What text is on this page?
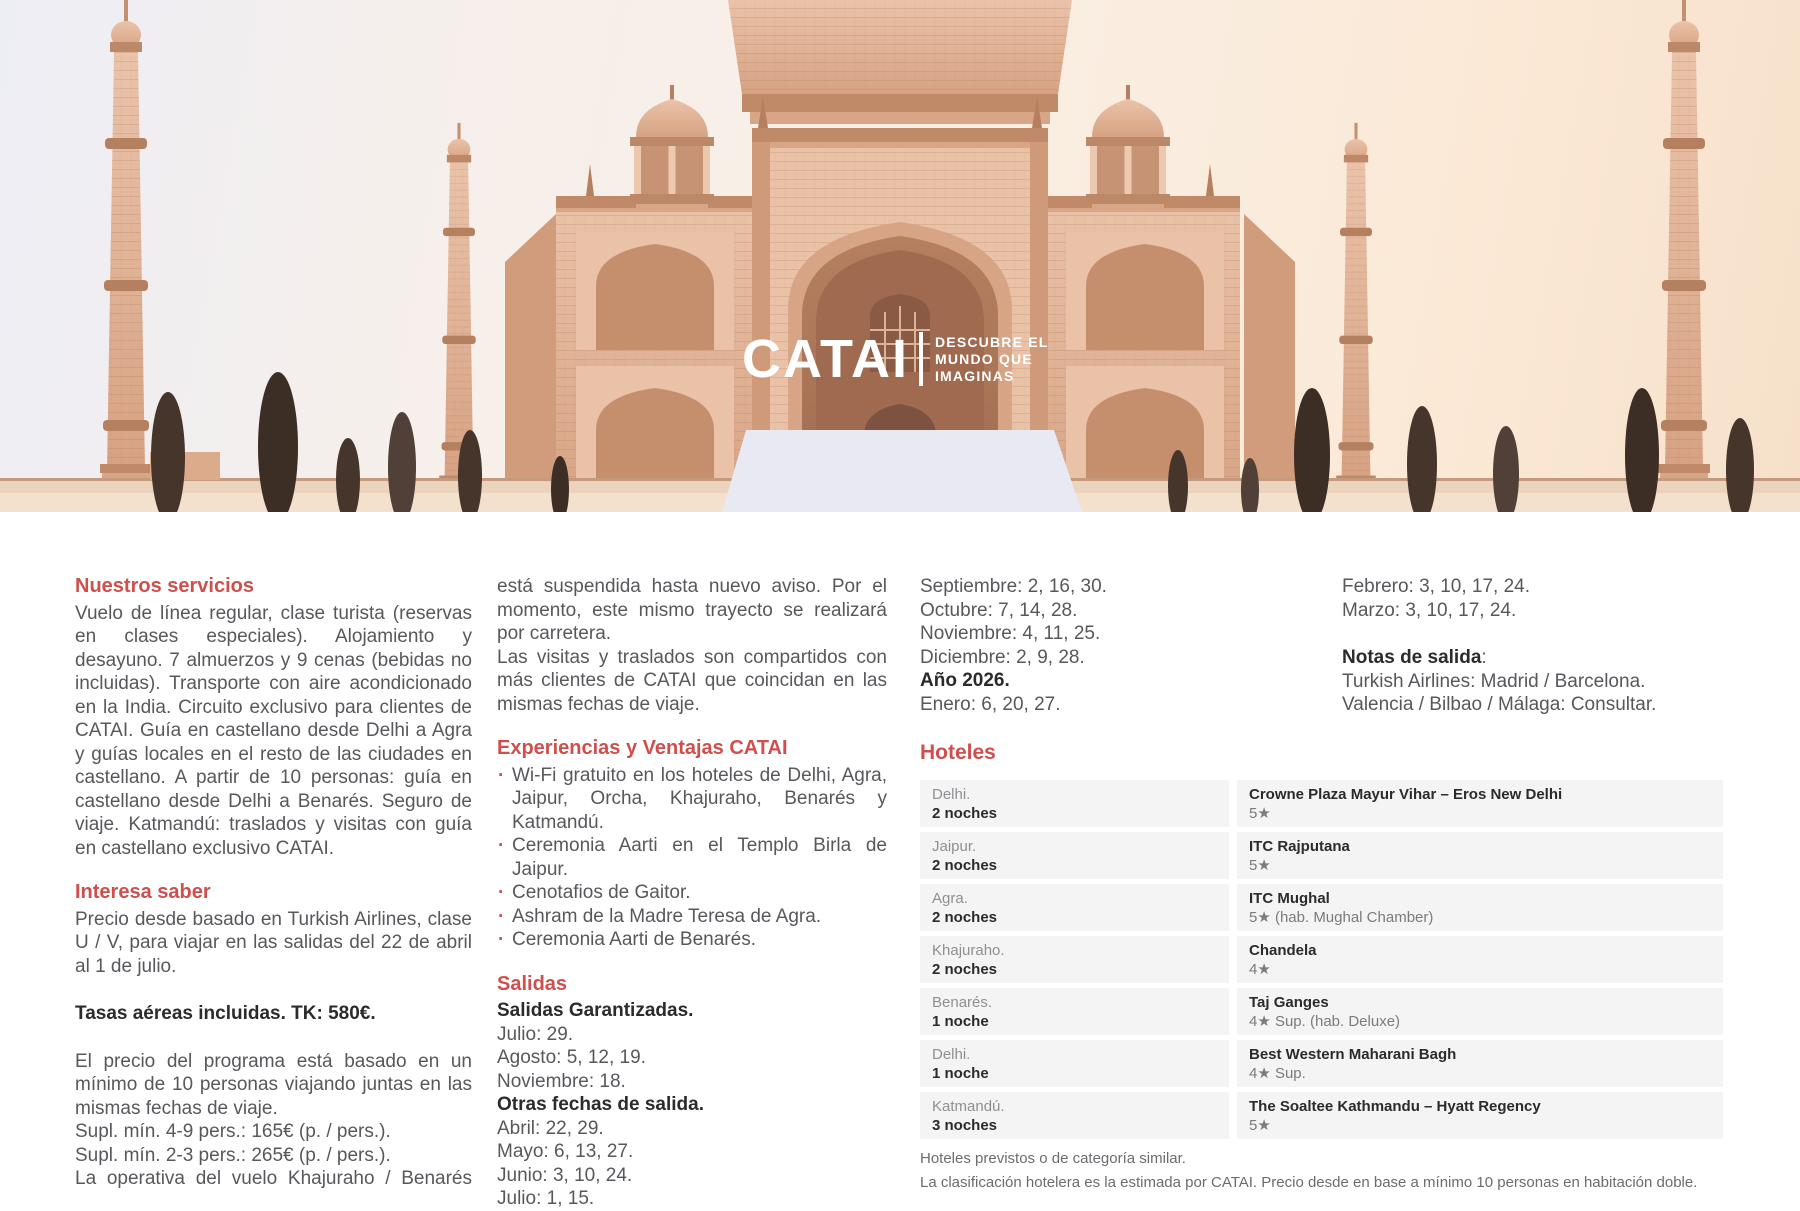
CATAI DESCUBRE EL
MUNDO QUE
IMAGINAS
Nuestros servicios
Vuelo de línea regular, clase turista (reservas en clases especiales). Alojamiento y desayuno. 7 almuerzos y 9 cenas (bebidas no incluidas). Transporte con aire acondicionado en la India. Circuito exclusivo para clientes de CATAI. Guía en castellano desde Delhi a Agra y guías locales en el resto de las ciudades en castellano. A partir de 10 personas: guía en castellano desde Delhi a Benarés. Seguro de viaje. Katmandú: traslados y visitas con guía en castellano exclusivo CATAI.
Interesa saber
Precio desde basado en Turkish Airlines, clase U / V, para viajar en las salidas del 22 de abril al 1 de julio.
Tasas aéreas incluidas. TK: 580€.
El precio del programa está basado en un mínimo de 10 personas viajando juntas en las mismas fechas de viaje.
Supl. mín. 4-9 pers.: 165€ (p. / pers.).
Supl. mín. 2-3 pers.: 265€ (p. / pers.).
La operativa del vuelo Khajuraho / Benarés
está suspendida hasta nuevo aviso. Por el momento, este mismo trayecto se realizará por carretera.
Las visitas y traslados son compartidos con más clientes de CATAI que coincidan en las mismas fechas de viaje.
Experiencias y Ventajas CATAI
· Wi-Fi gratuito en los hoteles de Delhi, Agra, Jaipur, Orcha, Khajuraho, Benarés y Katmandú.
· Ceremonia Aarti en el Templo Birla de Jaipur.
· Cenotafios de Gaitor.
· Ashram de la Madre Teresa de Agra.
· Ceremonia Aarti de Benarés.
Salidas
Salidas Garantizadas.
Julio: 29.
Agosto: 5, 12, 19.
Noviembre: 18.
Otras fechas de salida.
Abril: 22, 29.
Mayo: 6, 13, 27.
Junio: 3, 10, 24.
Julio: 1, 15.
Septiembre: 2, 16, 30.
Octubre: 7, 14, 28.
Noviembre: 4, 11, 25.
Diciembre: 2, 9, 28.
Año 2026.
Enero: 6, 20, 27.
Febrero: 3, 10, 17, 24.
Marzo: 3, 10, 17, 24.
Notas de salida:
Turkish Airlines: Madrid / Barcelona.
Valencia / Bilbao / Málaga: Consultar.
Hoteles
Delhi.
2 noches
Crowne Plaza Mayur Vihar – Eros New Delhi
5★
Jaipur.
2 noches
ITC Rajputana
5★
Agra.
2 noches
ITC Mughal
5★ (hab. Mughal Chamber)
Khajuraho.
2 noches
Chandela
4★
Benarés.
1 noche
Taj Ganges
4★ Sup. (hab. Deluxe)
Delhi.
1 noche
Best Western Maharani Bagh
4★ Sup.
Katmandú.
3 noches
The Soaltee Kathmandu – Hyatt Regency
5★
Hoteles previstos o de categoría similar.
La clasificación hotelera es la estimada por CATAI. Precio desde en base a mínimo 10 personas en habitación doble.
